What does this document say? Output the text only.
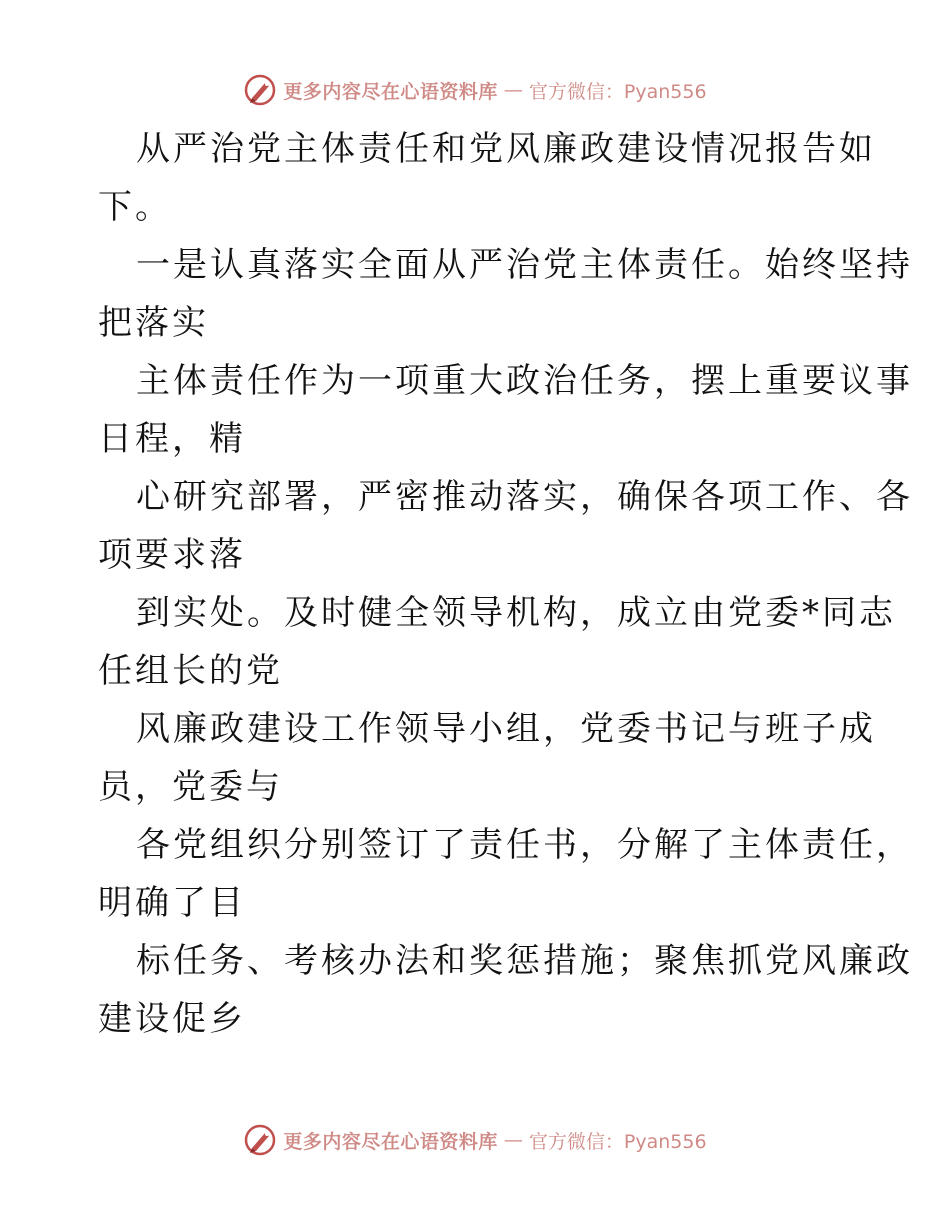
更多内容尽在心语资料库 — 官方微信：Pyan556
从严治党主体责任和党风廉政建设情况报告如
下。
一是认真落实全面从严治党主体责任。始终坚持
把落实
主体责任作为一项重大政治任务，摆上重要议事
日程，精
心研究部署，严密推动落实，确保各项工作、各
项要求落
到实处。及时健全领导机构，成立由党委*同志
任组长的党
风廉政建设工作领导小组，党委书记与班子成
员，党委与
各党组织分别签订了责任书，分解了主体责任，
明确了目
标任务、考核办法和奖惩措施；聚焦抓党风廉政
建设促乡
更多内容尽在心语资料库 — 官方微信：Pyan556
